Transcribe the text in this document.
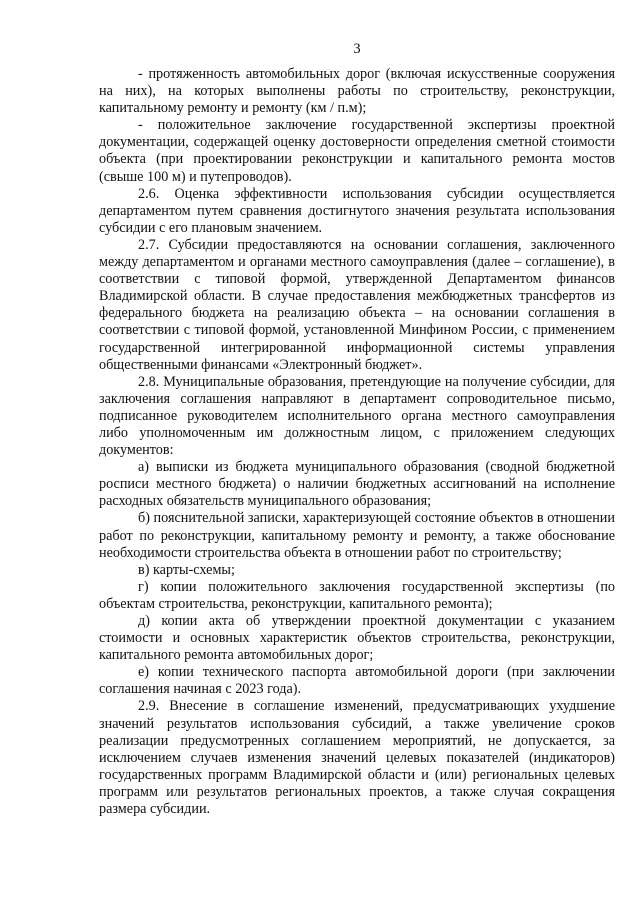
3

- протяженность автомобильных дорог (включая искусственные сооружения на них), на которых выполнены работы по строительству, реконструкции, капитальному ремонту и ремонту (км / п.м);

- положительное заключение государственной экспертизы проектной документации, содержащей оценку достоверности определения сметной стоимости объекта (при проектировании реконструкции и капитального ремонта мостов (свыше 100 м) и путепроводов).

2.6. Оценка эффективности использования субсидии осуществляется департаментом путем сравнения достигнутого значения результата использования субсидии с его плановым значением.

2.7. Субсидии предоставляются на основании соглашения, заключенного между департаментом и органами местного самоуправления (далее – соглашение), в соответствии с типовой формой, утвержденной Департаментом финансов Владимирской области. В случае предоставления межбюджетных трансфертов из федерального бюджета на реализацию объекта – на основании соглашения в соответствии с типовой формой, установленной Минфином России, с применением государственной интегрированной информационной системы управления общественными финансами «Электронный бюджет».

2.8. Муниципальные образования, претендующие на получение субсидии, для заключения соглашения направляют в департамент сопроводительное письмо, подписанное руководителем исполнительного органа местного самоуправления либо уполномоченным им должностным лицом, с приложением следующих документов:

а) выписки из бюджета муниципального образования (сводной бюджетной росписи местного бюджета) о наличии бюджетных ассигнований на исполнение расходных обязательств муниципального образования;

б) пояснительной записки, характеризующей состояние объектов в отношении работ по реконструкции, капитальному ремонту и ремонту, а также обоснование необходимости строительства объекта в отношении работ по строительству;

в) карты-схемы;

г) копии положительного заключения государственной экспертизы (по объектам строительства, реконструкции, капитального ремонта);

д) копии акта об утверждении проектной документации с указанием стоимости и основных характеристик объектов строительства, реконструкции, капитального ремонта автомобильных дорог;

е) копии технического паспорта автомобильной дороги (при заключении соглашения начиная с 2023 года).

2.9. Внесение в соглашение изменений, предусматривающих ухудшение значений результатов использования субсидий, а также увеличение сроков реализации предусмотренных соглашением мероприятий, не допускается, за исключением случаев изменения значений целевых показателей (индикаторов) государственных программ Владимирской области и (или) региональных целевых программ или результатов региональных проектов, а также случая сокращения размера субсидии.
